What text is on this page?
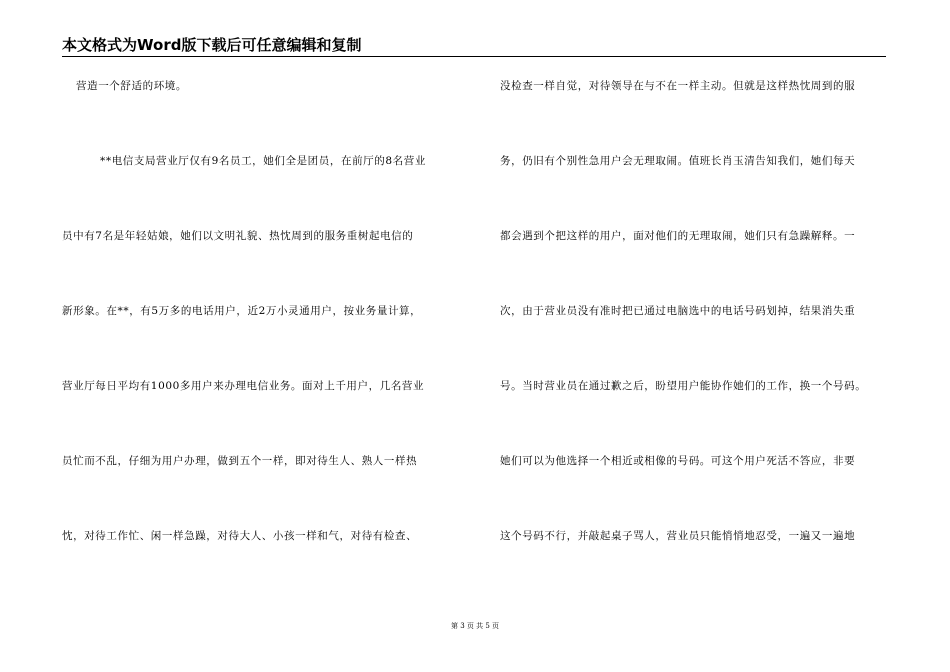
本文格式为Word版下载后可任意编辑和复制
营造一个舒适的环境。
**电信支局营业厅仅有9名员工，她们全是团员，在前厅的8名营业
员中有7名是年轻姑娘，她们以文明礼貌、热忱周到的服务重树起电信的
新形象。在**，有5万多的电话用户，近2万小灵通用户，按业务量计算，
营业厅每日平均有1000多用户来办理电信业务。面对上千用户，几名营业
员忙而不乱，仔细为用户办理，做到五个一样，即对待生人、熟人一样热
忱，对待工作忙、闲一样急躁，对待大人、小孩一样和气，对待有检查、
没检查一样自觉，对待领导在与不在一样主动。但就是这样热忱周到的服
务，仍旧有个别性急用户会无理取闹。值班长肖玉清告知我们，她们每天
都会遇到个把这样的用户，面对他们的无理取闹，她们只有急躁解释。一
次，由于营业员没有准时把已通过电脑选中的电话号码划掉，结果消失重
号。当时营业员在通过歉之后，盼望用户能协作她们的工作，换一个号码。
她们可以为他选择一个相近或相像的号码。可这个用户死活不答应，非要
这个号码不行，并敲起桌子骂人，营业员只能悄悄地忍受，一遍又一遍地
第 3 页 共 5 页
